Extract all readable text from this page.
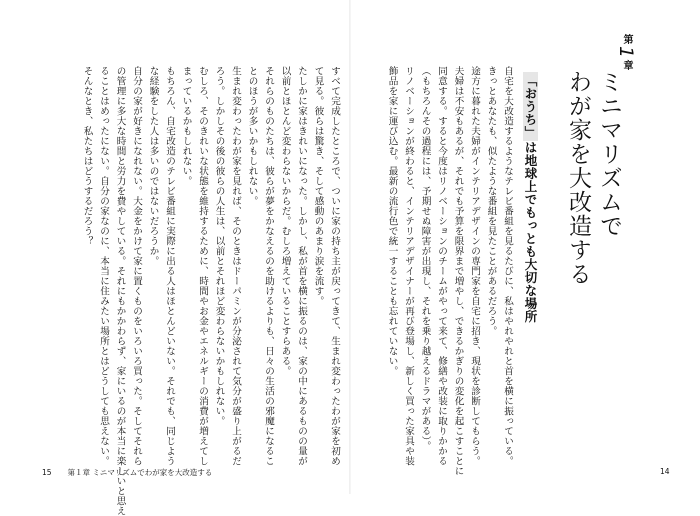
すべて完成したところで、ついに家の持ち主が戻ってきて、生まれ変わったわが家を初め

て見る。彼らは驚き、そして感動のあまり涙を流す。

たしかに家はきれいになった。しかし、私が首を横に振るのは、家の中にあるものの量が

以前とほとんど変わらないからだ。むしろ増えていることすらある。

それらのものたちは、彼らが夢をかなえるのを助けるよりも、日々の生活の邪魔になるこ

とのほうが多いかもしれない。

生まれ変わったわが家を見れば、そのときはドーパミンが分泌されて気分が盛り上がるだ

ろう。しかしその後の彼らの人生は、以前とそれほど変わらないかもしれない。

むしろ、そのきれいな状態を維持するために、時間やお金やエネルギーの消費が増えてし

まっているかもしれない。

もちろん、自宅改造のテレビ番組に実際に出る人はほとんどいない。それでも、同じよう

な経験をした人は多いのではないだろうか。

自分の家が好きになれない。大金をかけて家に置くものをいろいろ買った。そしてそれら

の管理に多大な時間と労力を費やしている。それにもかかわらず、家にいるのが本当に楽しいと思え

ることはめったにない。自分の家なのに、本当に住みたい場所とはどうしても思えない。

そんなとき、私たちはどうするだろう？	自宅を大改造するようなテレビ番組を見るたびに、私はやれやれと首を横に振っている。

きっとあなたも、似たような番組を見たことがあるだろう。

途方に暮れた夫婦がインテリアデザインの専門家を自宅に招き、現状を診断してもらう。

夫婦は不安もあるが、それでも予算を限界まで増やし、できるかぎりの変化を起こすことに

同意する。すると今度はリノベーションのチームがやって来て、修繕や改装に取りかかる

（もちろんその過程には、予期せぬ障害が出現し、それを乗り越えるドラマがある）。

リノベーションが終わると、インテリアデザイナーが再び登場し、新しく買った家具や装

飾品を家に運び込む。最新の流行色で統一することも忘れていない。	「おうち」は地球上でもっとも大切な場所
第1章
ミニマリズムで
わが家を大改造する
15 第１章 ミニマリズムでわが家を大改造する	14
